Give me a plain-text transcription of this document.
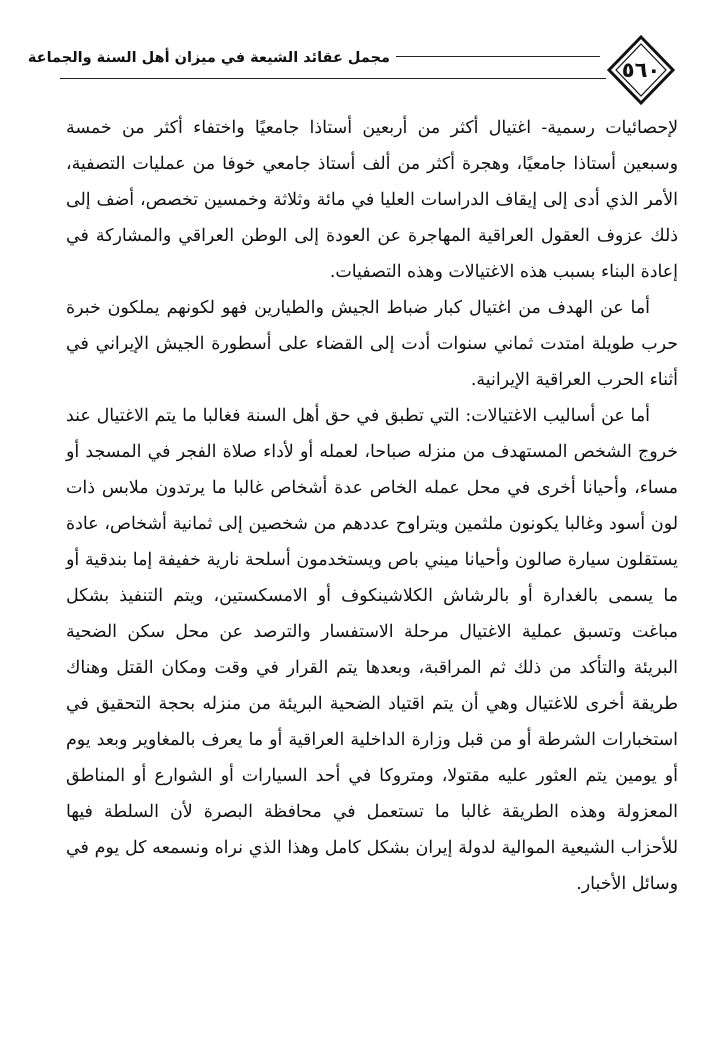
٥٦٠
مجمل عقائد الشيعة في ميزان أهل السنة والجماعة

لإحصائيات رسمية- اغتيال أكثر من أربعين أستاذا جامعيًا واختفاء أكثر من خمسة وسبعين أستاذا جامعيًا، وهجرة أكثر من ألف أستاذ جامعي خوفا من عمليات التصفية، الأمر الذي أدى إلى إيقاف الدراسات العليا في مائة وثلاثة وخمسين تخصص، أضف إلى ذلك عزوف العقول العراقية المهاجرة عن العودة إلى الوطن العراقي والمشاركة في إعادة البناء بسبب هذه الاغتيالات وهذه التصفيات.

أما عن الهدف من اغتيال كبار ضباط الجيش والطيارين فهو لكونهم يملكون خبرة حرب طويلة امتدت ثماني سنوات أدت إلى القضاء على أسطورة الجيش الإيراني في أثناء الحرب العراقية الإيرانية.

أما عن أساليب الاغتيالات: التي تطبق في حق أهل السنة فغالبا ما يتم الاغتيال عند خروج الشخص المستهدف من منزله صباحا، لعمله أو لأداء صلاة الفجر في المسجد أو مساء، وأحيانا أخرى في محل عمله الخاص عدة أشخاص غالبا ما يرتدون ملابس ذات لون أسود وغالبا يكونون ملثمين ويتراوح عددهم من شخصين إلى ثمانية أشخاص، عادة يستقلون سيارة صالون وأحيانا ميني باص ويستخدمون أسلحة نارية خفيفة إما بندقية أو ما يسمى بالغدارة أو بالرشاش الكلاشينكوف أو الامسكستين، ويتم التنفيذ بشكل مباغت وتسبق عملية الاغتيال مرحلة الاستفسار والترصد عن محل سكن الضحية البريئة والتأكد من ذلك ثم المراقبة، وبعدها يتم القرار في وقت ومكان القتل وهناك طريقة أخرى للاغتيال وهي أن يتم اقتياد الضحية البريئة من منزله بحجة التحقيق في استخبارات الشرطة أو من قبل وزارة الداخلية العراقية أو ما يعرف بالمغاوير وبعد يوم أو يومين يتم العثور عليه مقتولا، ومتروكا في أحد السيارات أو الشوارع أو المناطق المعزولة وهذه الطريقة غالبا ما تستعمل في محافظة البصرة لأن السلطة فيها للأحزاب الشيعية الموالية لدولة إيران بشكل كامل وهذا الذي نراه ونسمعه كل يوم في وسائل الأخبار.
